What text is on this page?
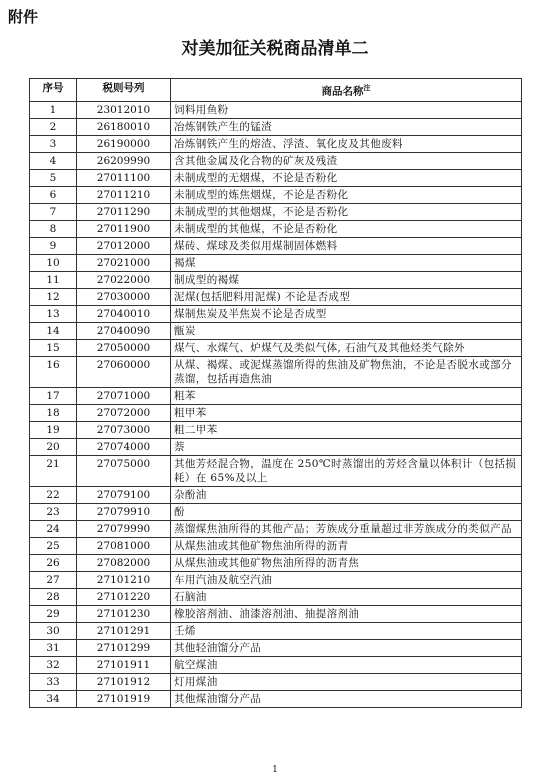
附件
对美加征关税商品清单二
序号	税则号列	商品名称$^注$
1	23012010	饲料用鱼粉
2	26180010	冶炼钢铁产生的锰渣
3	26190000	冶炼钢铁产生的熔渣、浮渣、氧化皮及其他废料
4	26209990	含其他金属及化合物的矿灰及残渣
5	27011100	未制成型的无烟煤，不论是否粉化
6	27011210	未制成型的炼焦烟煤，不论是否粉化
7	27011290	未制成型的其他烟煤，不论是否粉化
8	27011900	未制成型的其他煤，不论是否粉化
9	27012000	煤砖、煤球及类似用煤制固体燃料
10	27021000	褐煤
11	27022000	制成型的褐煤
12	27030000	泥煤(包括肥料用泥煤) 不论是否成型
13	27040010	煤制焦炭及半焦炭不论是否成型
14	27040090	甑炭
15	27050000	煤气、水煤气、炉煤气及类似气体, 石油气及其他烃类气除外
16	27060000	从煤、褐煤、或泥煤蒸馏所得的焦油及矿物焦油，不论是否脱水或部分蒸馏，包括再造焦油
17	27071000	粗苯
18	27072000	粗甲苯
19	27073000	粗二甲苯
20	27074000	萘
21	27075000	其他芳烃混合物，温度在 250℃时蒸馏出的芳烃含量以体积计（包括损耗）在 65%及以上
22	27079100	杂酚油
23	27079910	酚
24	27079990	蒸馏煤焦油所得的其他产品；芳族成分重量超过非芳族成分的类似产品
25	27081000	从煤焦油或其他矿物焦油所得的沥青
26	27082000	从煤焦油或其他矿物焦油所得的沥青焦
27	27101210	车用汽油及航空汽油
28	27101220	石脑油
29	27101230	橡胶溶剂油、油漆溶剂油、抽提溶剂油
30	27101291	壬烯
31	27101299	其他轻油馏分产品
32	27101911	航空煤油
33	27101912	灯用煤油
34	27101919	其他煤油馏分产品
1
